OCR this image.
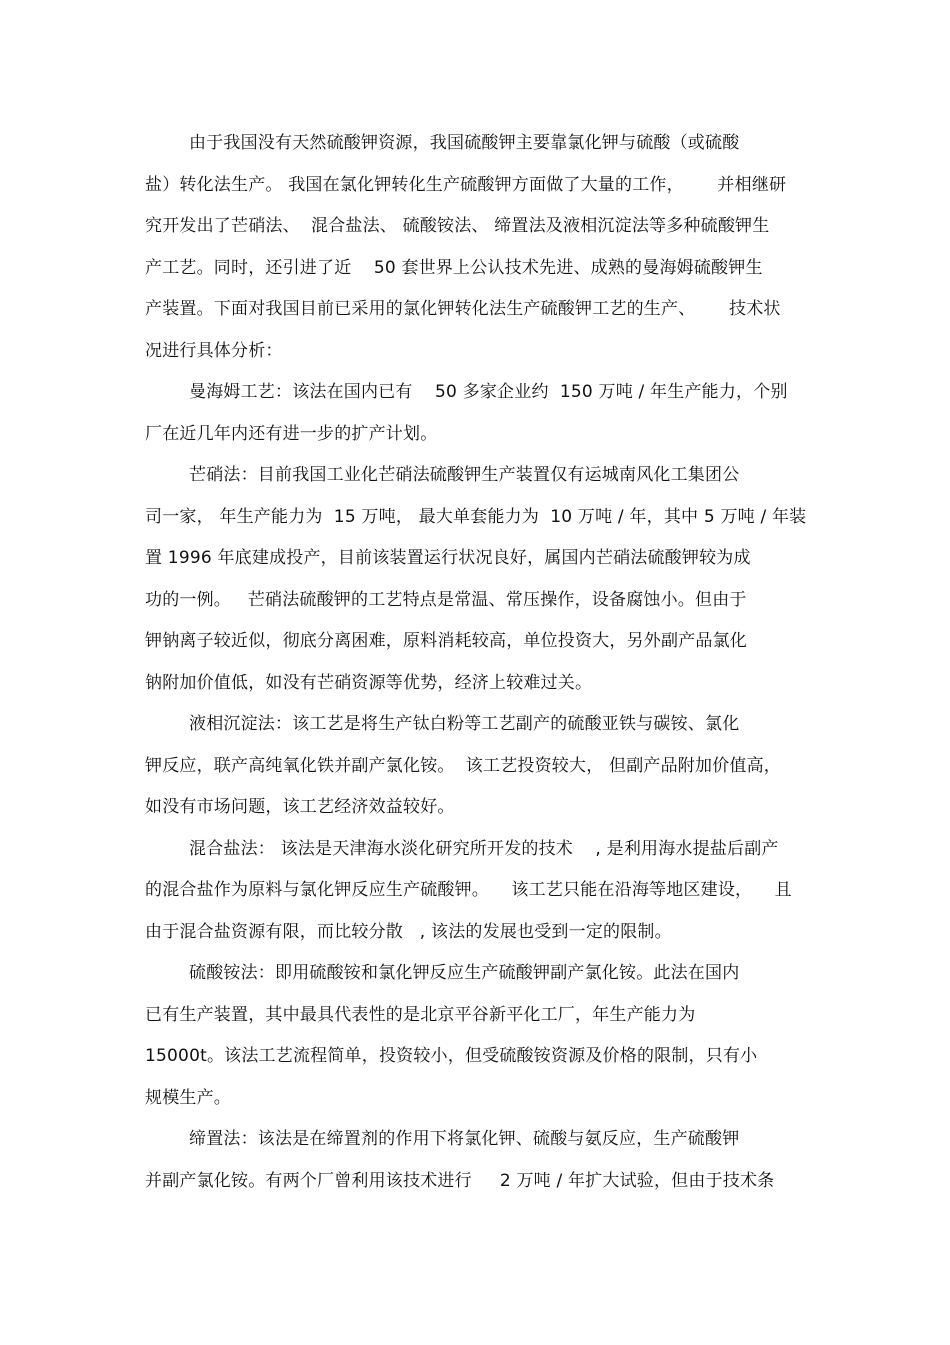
由于我国没有天然硫酸钾资源，我国硫酸钾主要靠氯化钾与硫酸（或硫酸
盐）转化法生产。 我国在氯化钾转化生产硫酸钾方面做了大量的工作，      并相继研
究开发出了芒硝法、  混合盐法、 硫酸铵法、 缔置法及液相沉淀法等多种硫酸钾生
产工艺。同时，还引进了近    50 套世界上公认技术先进、成熟的曼海姆硫酸钾生
产装置。下面对我国目前已采用的氯化钾转化法生产硫酸钾工艺的生产、      技术状
况进行具体分析：
曼海姆工艺：该法在国内已有    50 多家企业约  150 万吨 / 年生产能力，个别
厂在近几年内还有进一步的扩产计划。
芒硝法：目前我国工业化芒硝法硫酸钾生产装置仅有运城南风化工集团公
司一家， 年生产能力为  15 万吨， 最大单套能力为  10 万吨 / 年，其中 5 万吨 / 年装
置 1996 年底建成投产，目前该装置运行状况良好，属国内芒硝法硫酸钾较为成
功的一例。   芒硝法硫酸钾的工艺特点是常温、常压操作，设备腐蚀小。但由于
钾钠离子较近似，彻底分离困难，原料消耗较高，单位投资大，另外副产品氯化
钠附加价值低，如没有芒硝资源等优势，经济上较难过关。
液相沉淀法：该工艺是将生产钛白粉等工艺副产的硫酸亚铁与碳铵、氯化
钾反应，联产高纯氧化铁并副产氯化铵。  该工艺投资较大， 但副产品附加价值高，
如没有市场问题，该工艺经济效益较好。
混合盐法： 该法是天津海水淡化研究所开发的技术    , 是利用海水提盐后副产
的混合盐作为原料与氯化钾反应生产硫酸钾。    该工艺只能在沿海等地区建设，    且
由于混合盐资源有限，而比较分散   , 该法的发展也受到一定的限制。
硫酸铵法：即用硫酸铵和氯化钾反应生产硫酸钾副产氯化铵。此法在国内
已有生产装置，其中最具代表性的是北京平谷新平化工厂，年生产能力为
15000t。该法工艺流程简单，投资较小，但受硫酸铵资源及价格的限制，只有小
规模生产。
缔置法：该法是在缔置剂的作用下将氯化钾、硫酸与氨反应，生产硫酸钾
并副产氯化铵。有两个厂曾利用该技术进行     2 万吨 / 年扩大试验，但由于技术条
